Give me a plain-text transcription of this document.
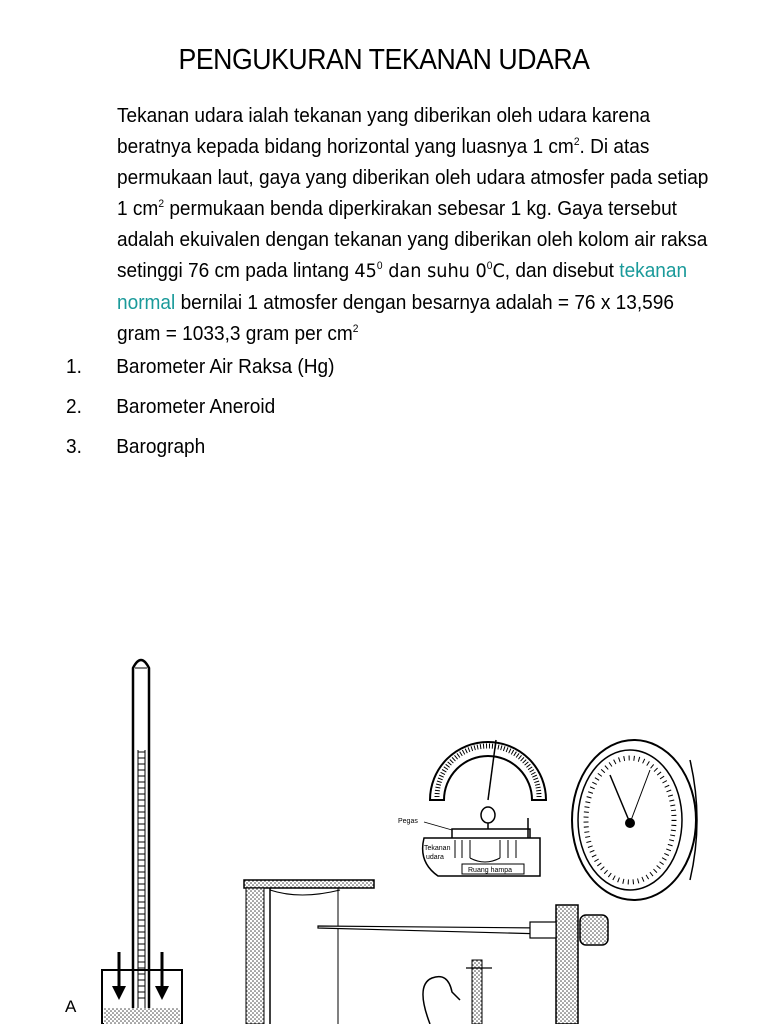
PENGUKURAN TEKANAN UDARA
Tekanan udara ialah tekanan yang diberikan oleh udara karena beratnya kepada bidang horizontal yang luasnya 1 $cm^2$. Di atas permukaan laut, gaya yang diberikan oleh udara atmosfer pada setiap 1 $cm^2$ permukaan benda diperkirakan sebesar 1 kg. Gaya tersebut adalah ekuivalen dengan tekanan yang diberikan oleh kolom air raksa setinggi 76 cm pada lintang $45^0$ dan suhu $0^0C$, dan disebut tekanan normal bernilai 1 atmosfer dengan besarnya adalah = 76 x 13,596 gram = 1033,3 gram per $cm^2$
1.	Barometer Air Raksa (Hg)
2.	Barometer Aneroid
3.	Barograph
Pegas
Tekanan
udara
Ruang hampa
A
